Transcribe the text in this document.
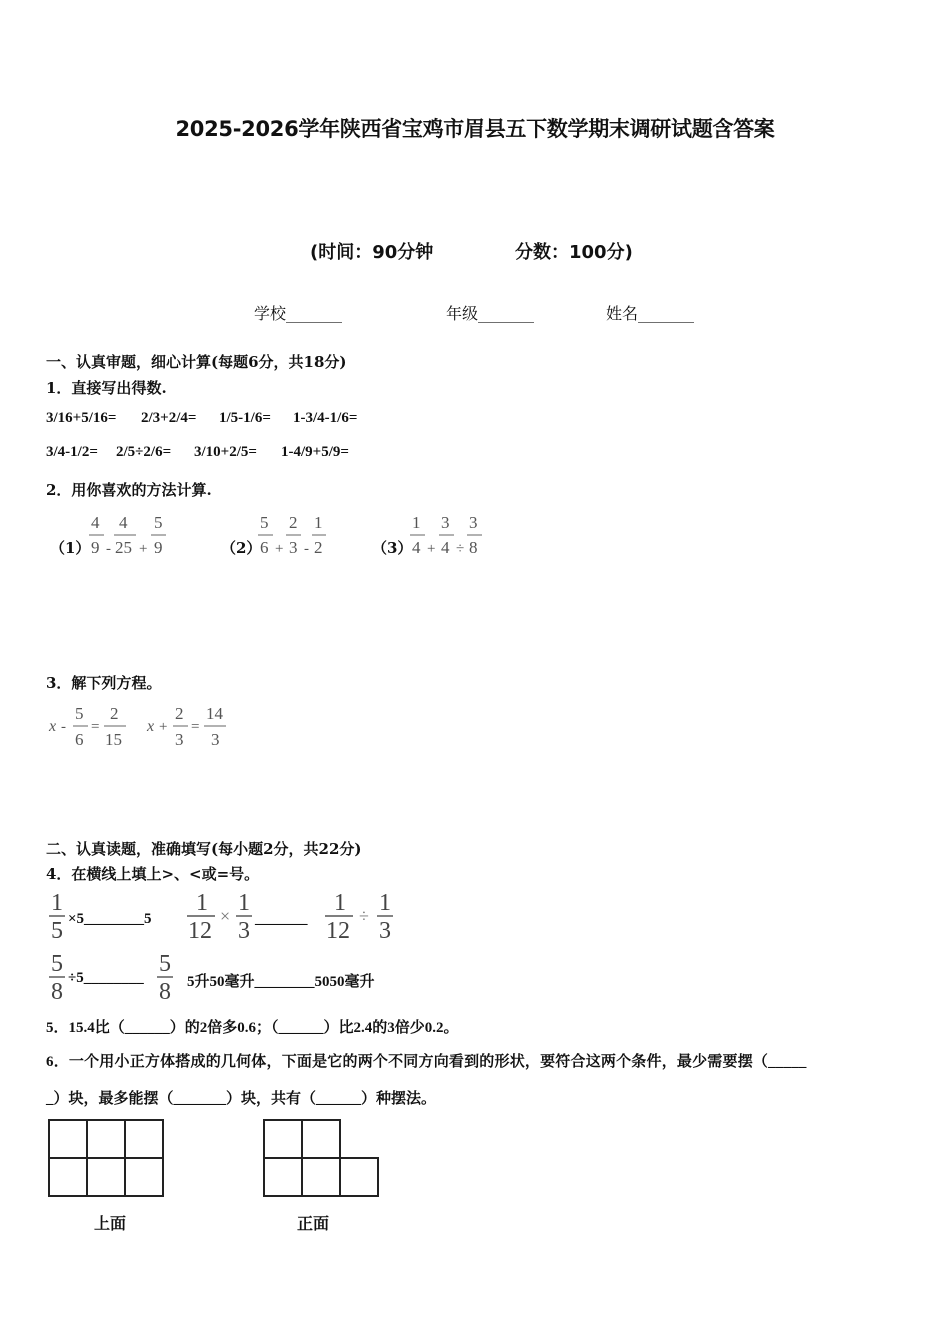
2025-2026学年陕西省宝鸡市眉县五下数学期末调研试题含答案
(时间：90分钟	分数：100分)
学校_______	年级_______	姓名_______
一、认真审题，细心计算(每题6分，共18分)
1．直接写出得数.
3/16+5/16= 2/3+2/4= 1/5-1/6= 1-3/4-1/6=
3/4-1/2= 2/5÷2/6= 3/10+2/5= 1-4/9+5/9=
2．用你喜欢的方法计算.
（1）
4
9 -
4
25 +
5
9	（2）
5
6 +
2
3 -
1
2	（3）
1
4 +
3
4 ÷
3
8
3．解下列方程。
x -
5
6
=
2
15
x +
2
3
=
14
3
二、认真读题，准确填写(每小题2分，共22分)
4．在横线上填上>、<或=号。
1
5 ×5________5
1
12
× 1
3 _______
1
12
÷ 1
3
5
8
÷5________
5
8 5升50毫升________5050毫升
5．15.4比（______）的2倍多0.6；（______）比2.4的3倍少0.2。
6．一个用小正方体搭成的几何体，下面是它的两个不同方向看到的形状，要符合这两个条件，最少需要摆（_____
_）块，最多能摆（_______）块，共有（______）种摆法。
上面	正面
